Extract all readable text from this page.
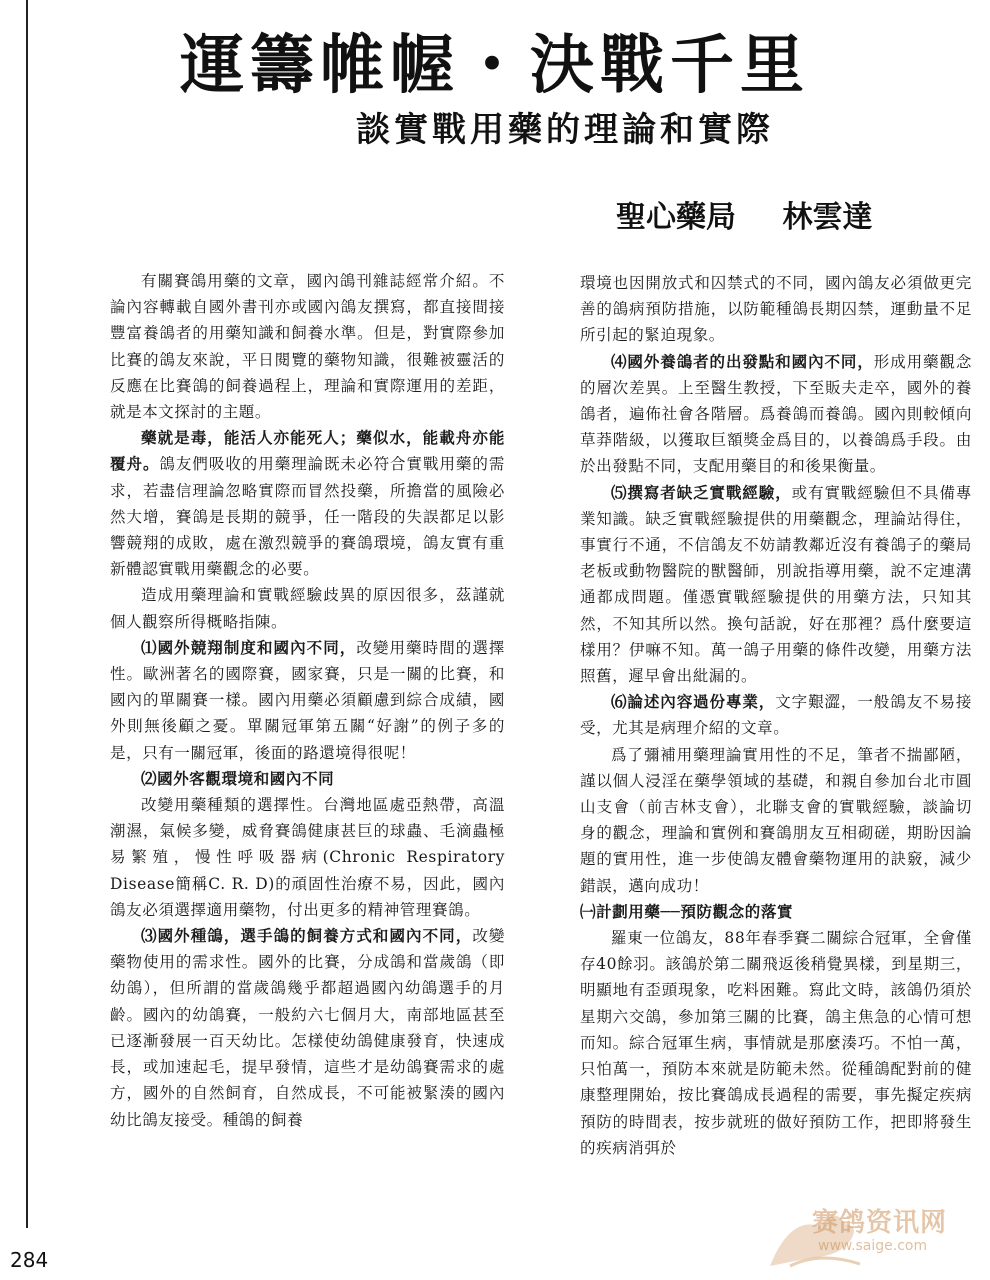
運籌帷幄・決戰千里
談實戰用藥的理論和實際
聖心藥局 林雲達

有關賽鴿用藥的文章，國內鴿刊雜誌經常介紹。不論內容轉載自國外書刊亦或國內鴿友撰寫，都直接間接豐富養鴿者的用藥知識和飼養水準。但是，對實際參加比賽的鴿友來說，平日閱覽的藥物知識，很難被靈活的反應在比賽鴿的飼養過程上，理論和實際運用的差距，就是本文探討的主題。

藥就是毒，能活人亦能死人；藥似水，能載舟亦能覆舟。鴿友們吸收的用藥理論既未必符合實戰用藥的需求，若盡信理論忽略實際而冒然投藥，所擔當的風險必然大增，賽鴿是長期的競爭，任一階段的失誤都足以影響競翔的成敗，處在激烈競爭的賽鴿環境，鴿友實有重新體認實戰用藥觀念的必要。

造成用藥理論和實戰經驗歧異的原因很多，茲謹就個人觀察所得概略指陳。

⑴國外競翔制度和國內不同，改變用藥時間的選擇性。歐洲著名的國際賽，國家賽，只是一關的比賽，和國內的單關賽一樣。國內用藥必須顧慮到綜合成績，國外則無後顧之憂。單關冠軍第五關“好謝”的例子多的是，只有一關冠軍，後面的路還境得很呢！

⑵國外客觀環境和國內不同

改變用藥種類的選擇性。台灣地區處亞熱帶，高溫潮濕，氣候多變，威脅賽鴿健康甚巨的球蟲、毛滴蟲極易繁殖，慢性呼吸器病(Chronic Respiratory Disease簡稱C. R. D)的頑固性治療不易，因此，國內鴿友必須選擇適用藥物，付出更多的精神管理賽鴿。

⑶國外種鴿，選手鴿的飼養方式和國內不同，改變藥物使用的需求性。國外的比賽，分成鴿和當歲鴿（即幼鴿），但所謂的當歲鴿幾乎都超過國內幼鴿選手的月齡。國內的幼鴿賽，一般約六七個月大，南部地區甚至已逐漸發展一百天幼比。怎樣使幼鴿健康發育，快速成長，或加速起毛，提早發情，這些才是幼鴿賽需求的處方，國外的自然飼育，自然成長，不可能被緊湊的國內幼比鴿友接受。種鴿的飼養

環境也因開放式和囚禁式的不同，國內鴿友必須做更完善的鴿病預防措施，以防範種鴿長期囚禁，運動量不足所引起的緊迫現象。

⑷國外養鴿者的出發點和國內不同，形成用藥觀念的層次差異。上至醫生教授，下至販夫走卒，國外的養鴿者，遍佈社會各階層。爲養鴿而養鴿。國內則較傾向草莽階級，以獲取巨額獎金爲目的，以養鴿爲手段。由於出發點不同，支配用藥目的和後果衡量。

⑸撰寫者缺乏實戰經驗，或有實戰經驗但不具備專業知識。缺乏實戰經驗提供的用藥觀念，理論站得住，事實行不通，不信鴿友不妨請教鄰近沒有養鴿子的藥局老板或動物醫院的獸醫師，別說指導用藥，說不定連溝通都成問題。僅憑實戰經驗提供的用藥方法，只知其然，不知其所以然。換句話說，好在那裡？爲什麼要這樣用？伊嘛不知。萬一鴿子用藥的條件改變，用藥方法照舊，遲早會出紕漏的。

⑹論述內容過份專業，文字艱澀，一般鴿友不易接受，尤其是病理介紹的文章。

爲了彌補用藥理論實用性的不足，筆者不揣鄙陋，謹以個人浸淫在藥學領域的基礎，和親自參加台北市圓山支會（前吉林支會），北聯支會的實戰經驗，談論切身的觀念，理論和實例和賽鴿朋友互相砌磋，期盼因論題的實用性，進一步使鴿友體會藥物運用的訣竅，減少錯誤，邁向成功！

㈠計劃用藥──預防觀念的落實

羅東一位鴿友，88年春季賽二關綜合冠軍，全會僅存40餘羽。該鴿於第二關飛返後稍覺異樣，到星期三，明顯地有歪頭現象，吃料困難。寫此文時，該鴿仍須於星期六交鴿，參加第三關的比賽，鴿主焦急的心情可想而知。綜合冠軍生病，事情就是那麼湊巧。不怕一萬，只怕萬一，預防本來就是防範未然。從種鴿配對前的健康整理開始，按比賽鴿成長過程的需要，事先擬定疾病預防的時間表，按步就班的做好預防工作，把即將發生的疾病消弭於

284
赛鸽资讯网
www.saige.com
